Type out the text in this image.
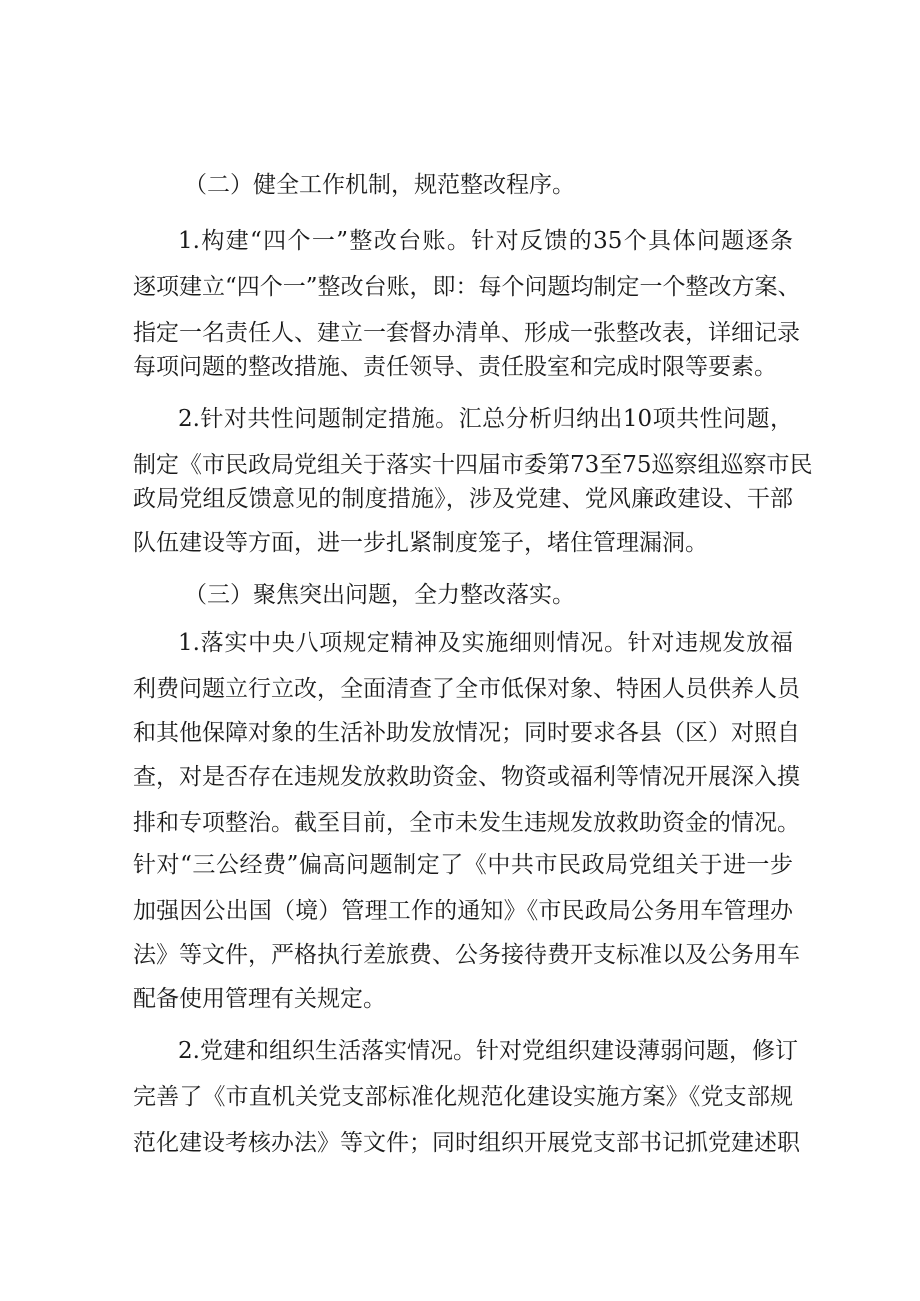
（二）健全工作机制，规范整改程序。
1.构建“四个一”整改台账。针对反馈的35个具体问题逐条
逐项建立“四个一”整改台账，即：每个问题均制定一个整改方案、
指定一名责任人、建立一套督办清单、形成一张整改表，详细记录
每项问题的整改措施、责任领导、责任股室和完成时限等要素。
2.针对共性问题制定措施。汇总分析归纳出10项共性问题，
制定《市民政局党组关于落实十四届市委第73至75巡察组巡察市民
政局党组反馈意见的制度措施》，涉及党建、党风廉政建设、干部
队伍建设等方面，进一步扎紧制度笼子，堵住管理漏洞。
（三）聚焦突出问题，全力整改落实。
1.落实中央八项规定精神及实施细则情况。针对违规发放福
利费问题立行立改，全面清查了全市低保对象、特困人员供养人员
和其他保障对象的生活补助发放情况；同时要求各县（区）对照自
查，对是否存在违规发放救助资金、物资或福利等情况开展深入摸
排和专项整治。截至目前，全市未发生违规发放救助资金的情况。
针对“三公经费”偏高问题制定了《中共市民政局党组关于进一步
加强因公出国（境）管理工作的通知》《市民政局公务用车管理办
法》等文件，严格执行差旅费、公务接待费开支标准以及公务用车
配备使用管理有关规定。
2.党建和组织生活落实情况。针对党组织建设薄弱问题，修订
完善了《市直机关党支部标准化规范化建设实施方案》《党支部规
范化建设考核办法》等文件；同时组织开展党支部书记抓党建述职
